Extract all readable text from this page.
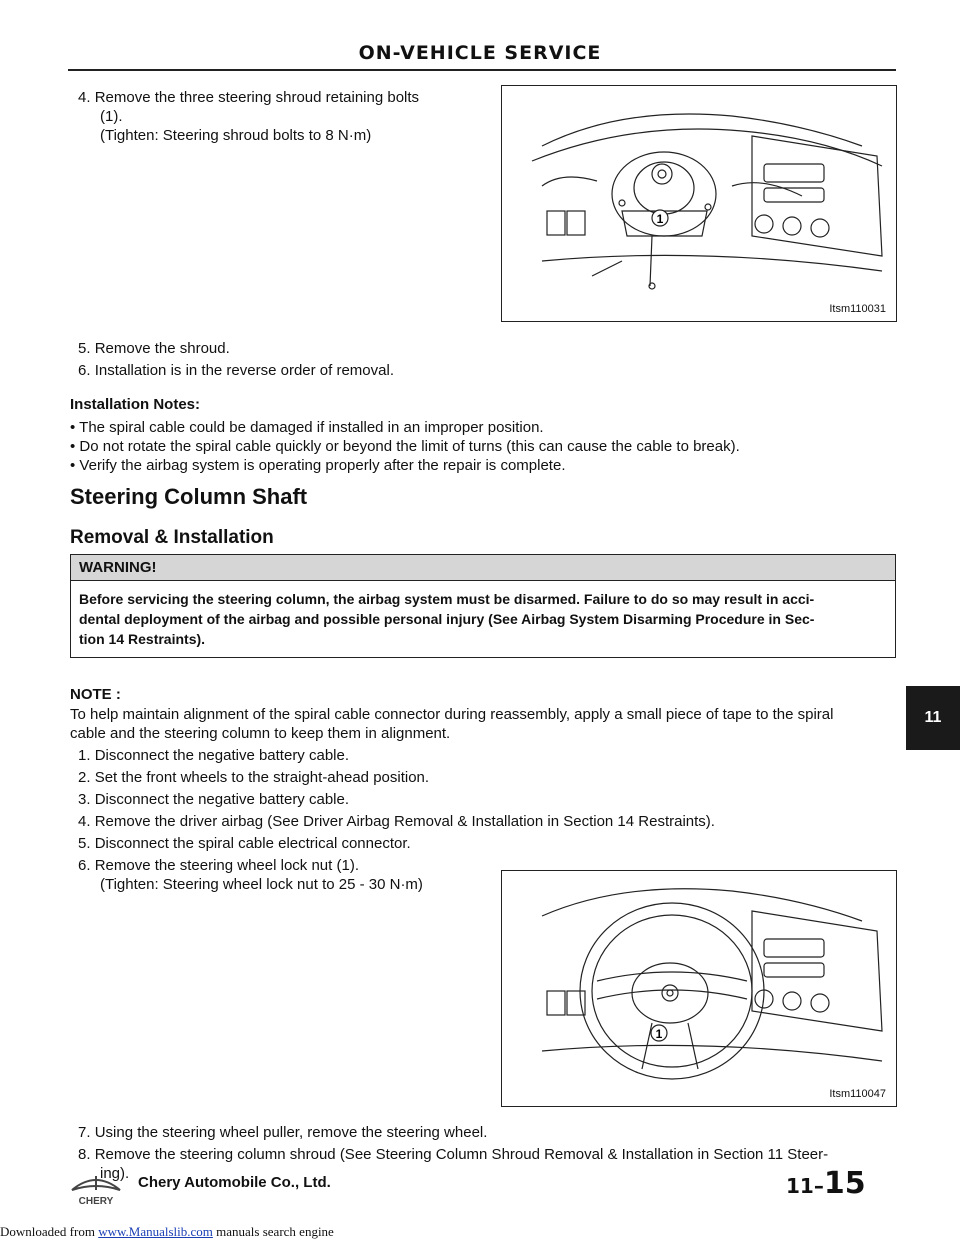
ON-VEHICLE SERVICE
4. Remove the three steering shroud retaining bolts
(1).
(Tighten: Steering shroud bolts to 8 N·m)
1
Itsm110031
5. Remove the shroud.
6. Installation is in the reverse order of removal.
Installation Notes:
• The spiral cable could be damaged if installed in an improper position.
• Do not rotate the spiral cable quickly or beyond the limit of turns (this can cause the cable to break).
• Verify the airbag system is operating properly after the repair is complete.
Steering Column Shaft
Removal & Installation
WARNING!
Before servicing the steering column, the airbag system must be disarmed. Failure to do so may result in acci-
dental deployment of the airbag and possible personal injury (See Airbag System Disarming Procedure in Sec-
tion 14 Restraints).
NOTE :
To help maintain alignment of the spiral cable connector during reassembly, apply a small piece of tape to the spiral
cable and the steering column to keep them in alignment.
1. Disconnect the negative battery cable.
2. Set the front wheels to the straight-ahead position.
3. Disconnect the negative battery cable.
4. Remove the driver airbag (See Driver Airbag Removal & Installation in Section 14 Restraints).
5. Disconnect the spiral cable electrical connector.
6. Remove the steering wheel lock nut (1).
(Tighten: Steering wheel lock nut to 25 - 30 N·m)
1
Itsm110047
7. Using the steering wheel puller, remove the steering wheel.
8. Remove the steering column shroud (See Steering Column Shroud Removal & Installation in Section 11 Steer-
ing).
11
CHERY
Chery Automobile Co., Ltd.	11–15
Downloaded from www.Manualslib.com manuals search engine
